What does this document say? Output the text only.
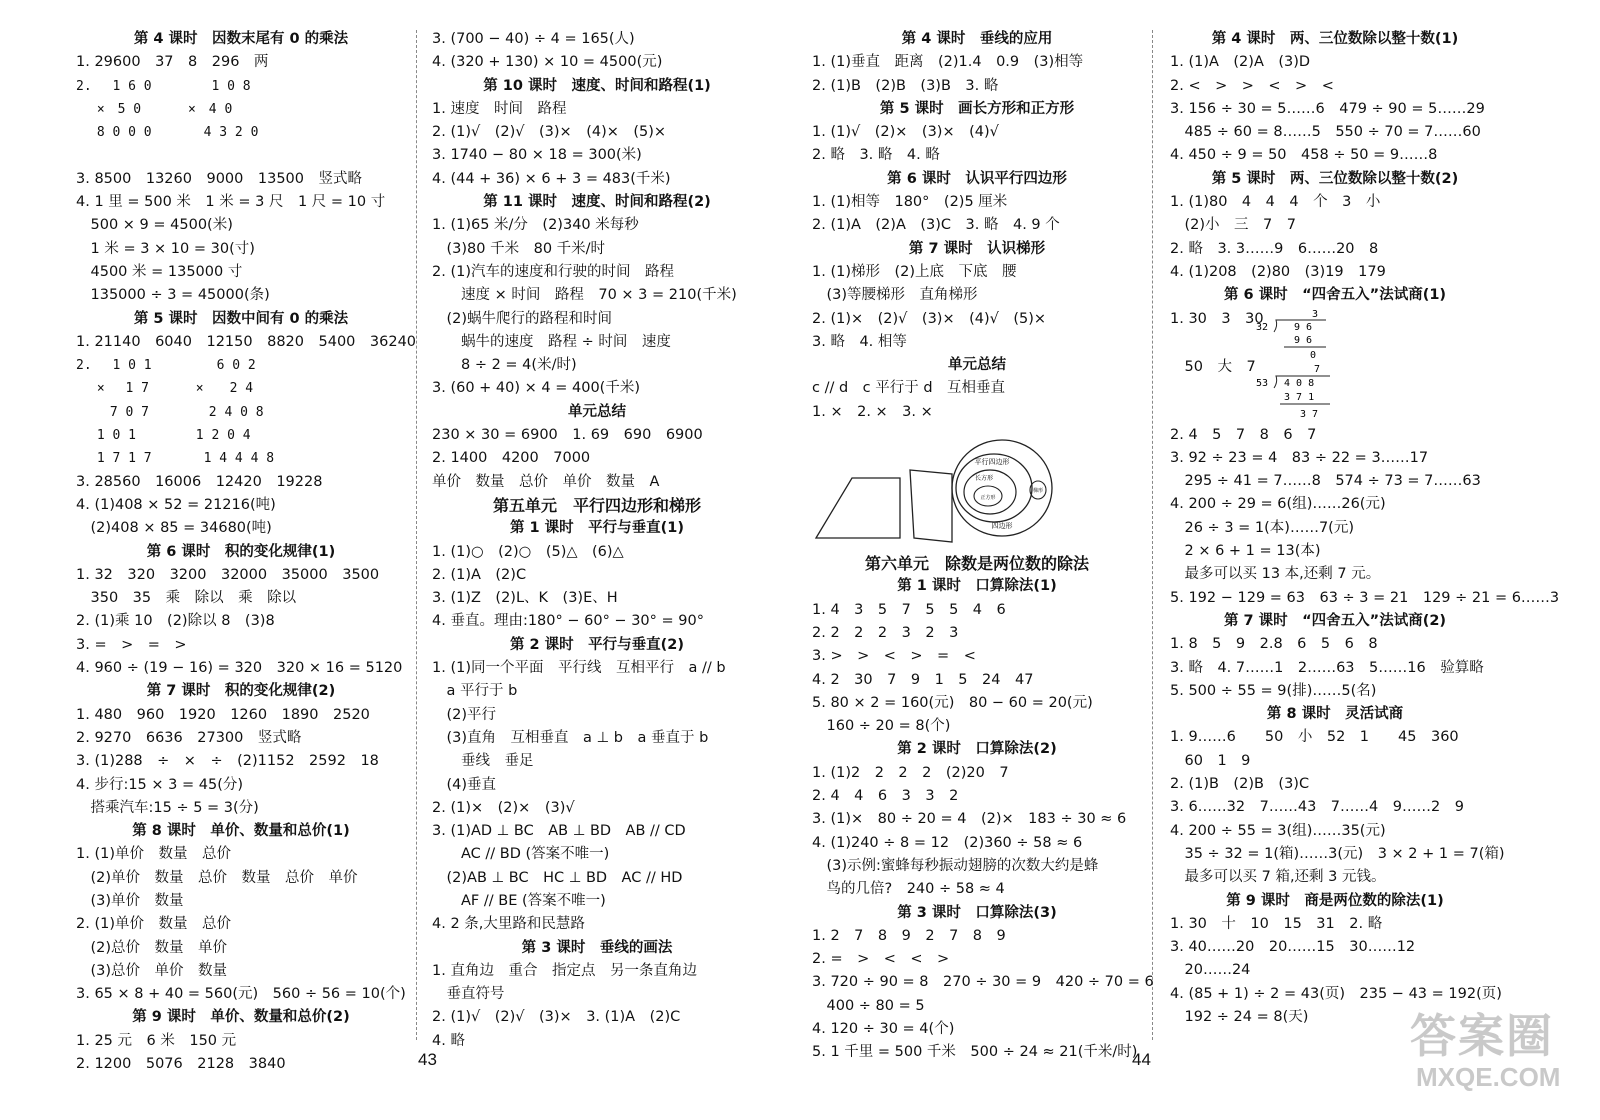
第 4 课时　因数末尾有 0 的乘法
1. 29600　37　8　296　两
2.　 1 6 0　　　　 1 0 8
　 ×　5 0　　　 ×　4 0
　 8 0 0 0　　　　4 3 2 0
3. 8500　13260　9000　13500　竖式略
4. 1 里 = 500 米　1 米 = 3 尺　1 尺 = 10 寸
　500 × 9 = 4500(米)
　1 米 = 3 × 10 = 30(寸)
　4500 米 = 135000 寸
　135000 ÷ 3 = 45000(条)
第 5 课时　因数中间有 0 的乘法
1. 21140　6040　12150　8820　5400　36240
2.　 1 0 1　　　　　6 0 2
　 ×　 1 7　　　 ×　　2 4
　　 7 0 7　　　　 2 4 0 8
　 1 0 1　　　　 1 2 0 4
　 1 7 1 7　　　　1 4 4 4 8
3. 28560　16006　12420　19228
4. (1)408 × 52 = 21216(吨)
　(2)408 × 85 = 34680(吨)
第 6 课时　积的变化规律(1)
1. 32　320　3200　32000　35000　3500
　350　35　乘　除以　乘　除以
2. (1)乘 10　(2)除以 8　(3)8
3. =　>　=　>
4. 960 ÷ (19 − 16) = 320　320 × 16 = 5120
第 7 课时　积的变化规律(2)
1. 480　960　1920　1260　1890　2520
2. 9270　6636　27300　竖式略
3. (1)288　÷　×　÷　(2)1152　2592　18
4. 步行:15 × 3 = 45(分)
　搭乘汽车:15 ÷ 5 = 3(分)
第 8 课时　单价、数量和总价(1)
1. (1)单价　数量　总价
　(2)单价　数量　总价　数量　总价　单价
　(3)单价　数量
2. (1)单价　数量　总价
　(2)总价　数量　单价
　(3)总价　单价　数量
3. 65 × 8 + 40 = 560(元)　560 ÷ 56 = 10(个)
第 9 课时　单价、数量和总价(2)
1. 25 元　6 米　150 元
2. 1200　5076　2128　3840
3. (700 − 40) ÷ 4 = 165(人)
4. (320 + 130) × 10 = 4500(元)
第 10 课时　速度、时间和路程(1)
1. 速度　时间　路程
2. (1)√　(2)√　(3)×　(4)×　(5)×
3. 1740 − 80 × 18 = 300(米)
4. (44 + 36) × 6 + 3 = 483(千米)
第 11 课时　速度、时间和路程(2)
1. (1)65 米/分　(2)340 米每秒
　(3)80 千米　80 千米/时
2. (1)汽车的速度和行驶的时间　路程
　　速度 × 时间　路程　70 × 3 = 210(千米)
　(2)蜗牛爬行的路程和时间
　　蜗牛的速度　路程 ÷ 时间　速度
　　8 ÷ 2 = 4(米/时)
3. (60 + 40) × 4 = 400(千米)
单元总结
230 × 30 = 6900　1. 69　690　6900
2. 1400　4200　7000
单价　数量　总价　单价　数量　A
第五单元　平行四边形和梯形
第 1 课时　平行与垂直(1)
1. (1)○　(2)○　(5)△　(6)△
2. (1)A　(2)C
3. (1)Z　(2)L、K　(3)E、H
4. 垂直。理由:180° − 60° − 30° = 90°
第 2 课时　平行与垂直(2)
1. (1)同一个平面　平行线　互相平行　a // b
　a 平行于 b
　(2)平行
　(3)直角　互相垂直　a ⊥ b　a 垂直于 b
　　垂线　垂足
　(4)垂直
2. (1)×　(2)×　(3)√
3. (1)AD ⊥ BC　AB ⊥ BD　AB // CD
　　AC // BD (答案不唯一)
　(2)AB ⊥ BC　HC ⊥ BD　AC // HD
　　AF // BE (答案不唯一)
4. 2 条,大里路和民慧路
第 3 课时　垂线的画法
1. 直角边　重合　指定点　另一条直角边
　垂直符号
2. (1)√　(2)√　(3)×　3. (1)A　(2)C
4. 略
第 4 课时　垂线的应用
1. (1)垂直　距离　(2)1.4　0.9　(3)相等
2. (1)B　(2)B　(3)B　3. 略
第 5 课时　画长方形和正方形
1. (1)√　(2)×　(3)×　(4)√
2. 略　3. 略　4. 略
第 6 课时　认识平行四边形
1. (1)相等　180°　(2)5 厘米
2. (1)A　(2)A　(3)C　3. 略　4. 9 个
第 7 课时　认识梯形
1. (1)梯形　(2)上底　下底　腰
　(3)等腰梯形　直角梯形
2. (1)×　(2)√　(3)×　(4)√　(5)×
3. 略　4. 相等
单元总结
c // d　c 平行于 d　互相垂直
1. ×　2. ×　3. ×
四边形
平行四边形
长方形
正方形
梯形
第六单元　除数是两位数的除法
第 1 课时　口算除法(1)
1. 4　3　5　7　5　5　4　6
2. 2　2　2　3　2　3
3. >　>　<　>　=　<
4. 2　30　7　9　1　5　24　47
5. 80 × 2 = 160(元)　80 − 60 = 20(元)
　160 ÷ 20 = 8(个)
第 2 课时　口算除法(2)
1. (1)2　2　2　2　(2)20　7
2. 4　4　6　3　3　2
3. (1)×　80 ÷ 20 = 4　(2)×　183 ÷ 30 ≈ 6
4. (1)240 ÷ 8 = 12　(2)360 ÷ 58 ≈ 6
　(3)示例:蜜蜂每秒振动翅膀的次数大约是蜂
　鸟的几倍?　240 ÷ 58 ≈ 4
第 3 课时　口算除法(3)
1. 2　7　8　9　2　7　8　9
2. =　>　<　<　>
3. 720 ÷ 90 = 8　270 ÷ 30 = 9　420 ÷ 70 = 6
　400 ÷ 80 = 5
4. 120 ÷ 30 = 4(个)
5. 1 千里 = 500 千米　500 ÷ 24 ≈ 21(千米/时)
第 4 课时　两、三位数除以整十数(1)
1. (1)A　(2)A　(3)D
2. <　>　>　<　>　<
3. 156 ÷ 30 = 5……6　479 ÷ 90 = 5……29
　485 ÷ 60 = 8……5　550 ÷ 70 = 7……60
4. 450 ÷ 9 = 50　458 ÷ 50 = 9……8
第 5 课时　两、三位数除以整十数(2)
1. (1)80　4　4　4　个　3　小
　(2)小　三　7　7
2. 略　3. 3……9　6……20　8
4. (1)208　(2)80　(3)19　179
第 6 课时　“四舍五入”法试商(1)
1. 30　3　30
　50　大　7
3
32	9 6
9 6
0
7
53 4 0 8
3 7 1
3 7
2. 4　5　7　8　6　7
3. 92 ÷ 23 = 4　83 ÷ 22 = 3……17
　295 ÷ 41 = 7……8　574 ÷ 73 = 7……63
4. 200 ÷ 29 = 6(组)……26(元)
　26 ÷ 3 = 1(本)……7(元)
　2 × 6 + 1 = 13(本)
　最多可以买 13 本,还剩 7 元。
5. 192 − 129 = 63　63 ÷ 3 = 21　129 ÷ 21 = 6……3
第 7 课时　“四舍五入”法试商(2)
1. 8　5　9　2.8　6　5　6　8
3. 略　4. 7……1　2……63　5……16　验算略
5. 500 ÷ 55 = 9(排)……5(名)
第 8 课时　灵活试商
1. 9……6　　50　小　52　1　　45　360
　60　1　9
2. (1)B　(2)B　(3)C
3. 6……32　7……43　7……4　9……2　9
4. 200 ÷ 55 = 3(组)……35(元)
　35 ÷ 32 = 1(箱)……3(元)　3 × 2 + 1 = 7(箱)
　最多可以买 7 箱,还剩 3 元钱。
第 9 课时　商是两位数的除法(1)
1. 30　十　10　15　31　2. 略
3. 40……20　20……15　30……12
　20……24
4. (85 + 1) ÷ 2 = 43(页)　235 − 43 = 192(页)
　192 ÷ 24 = 8(天)
43	44	答案圈
MXQE.COM
